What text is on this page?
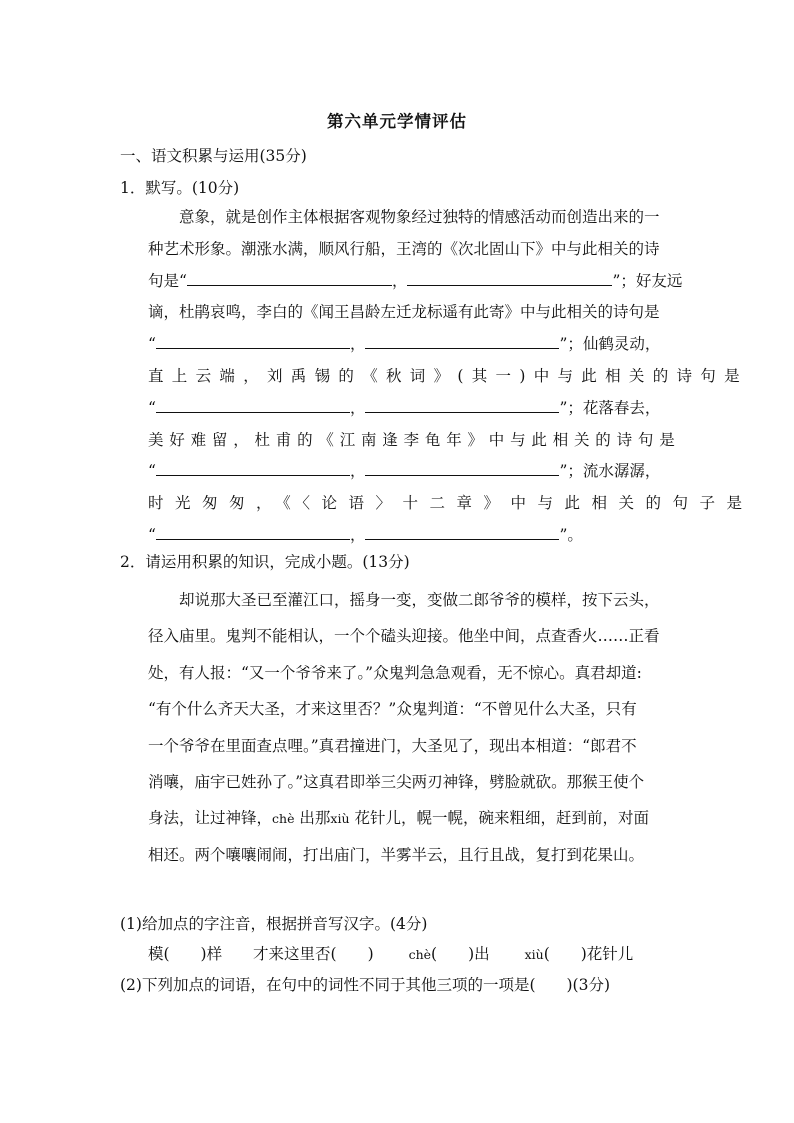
第六单元学情评估
一、语文积累与运用(35分)
1．默写。(10分)
意象，就是创作主体根据客观物象经过独特的情感活动而创造出来的一
种艺术形象。潮涨水满，顺风行船，王湾的《次北固山下》中与此相关的诗
句是“	，	”；好友远
谪，杜鹃哀鸣，李白的《闻王昌龄左迁龙标遥有此寄》中与此相关的诗句是
“	，	”；仙鹤灵动，
直上云端，刘禹锡的《秋词》(其一)中与此相关的诗句是
“	，	”；花落春去，
美好难留，杜甫的《江南逢李龟年》中与此相关的诗句是
“	，	”；流水潺潺，
时光匆匆，《〈论语〉十二章》中与此相关的句子是
“	，	”。
2．请运用积累的知识，完成小题。(13分)
却说那大圣已至灌江口，摇身一变，变做二郎爷爷的模样，按下云头，
径入庙里。鬼判不能相认，一个个磕头迎接。他坐中间，点查香火……正看
处，有人报：“又一个爷爷来了。”众鬼判急急观看，无不惊心。真君却道:
“有个什么齐天大圣，才来这里否？”众鬼判道：“不曾见什么大圣，只有
一个爷爷在里面查点哩。”真君撞进门，大圣见了，现出本相道：“郎君不
消嚷，庙宇已姓孙了。”这真君即举三尖两刃神锋，劈脸就砍。那猴王使个
身法，让过神锋，chè 出那xiù 花针儿，幌一幌，碗来粗细，赶到前，对面
相还。两个嚷嚷闹闹，打出庙门，半雾半云，且行且战，复打到花果山。
(1)给加点的字注音，根据拼音写汉字。(4分)
模(　　)样 才来这里否(　　)	chè(　　)出	xiù(　　)花针儿
(2)下列加点的词语，在句中的词性不同于其他三项的一项是(　　)(3分)
